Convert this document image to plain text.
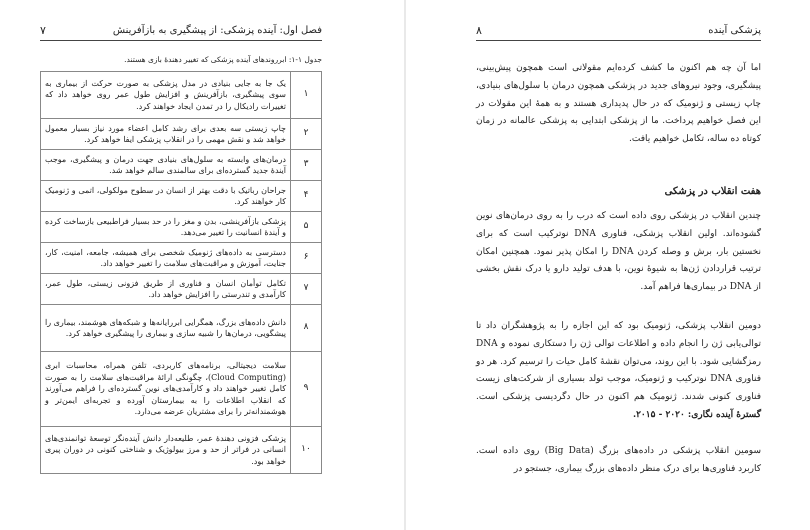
فصل اول: آینده پزشکی: از پیشگیری به بازآفرینش
۷
جدول ۱-۱: ابرروندهای آینده پزشکی که تغییر دهندۀ بازی هستند.
۱	یک جا به جایی بنیادی در مدل پزشکی به صورت حرکت از بیماری به سوی پیشگیری، بازآفرینش و افزایش طول عمر روی خواهد داد که تغییرات رادیکال را در تمدن ایجاد خواهند کرد.
۲	چاپ زیستی سه بعدی برای رشد کامل اعضاء مورد نیاز بسیار معمول خواهد شد و نقش مهمی را در انقلاب پزشکی ایفا خواهد کرد.
۳	درمان‌های وابسته به سلول‌های بنیادی جهت درمان و پیشگیری، موجب آیندۀ جدید گسترده‌ای برای سالمندی سالم خواهد شد.
۴	جراحان رباتیک با دقت بهتر از انسان در سطوح مولکولی، اتمی و ژنومیک کار خواهند کرد.
۵	پزشکی بازآفرینشی، بدن و مغز را در حد بسیار فراطبیعی بازساخت کرده و آیندۀ انسانیت را تغییر می‌دهد.
۶	دسترسی به داده‌های ژنومیک شخصی برای همیشه، جامعه، امنیت، کار، جنایت، آموزش و مراقبت‌های سلامت را تغییر خواهد داد.
۷	تکامل توأمان انسان و فناوری از طریق فزونی زیستی، طول عمر، کارآمدی و تندرستی را افزایش خواهد داد.
۸	دانش داده‌های بزرگ، همگرایی ابررایانه‌ها و شبکه‌های هوشمند، بیماری را پیشگویی، درمان‌ها را شبیه سازی و بیماری را پیشگیری خواهد کرد.
۹	سلامت دیجیتالی، برنامه‌های کاربردی، تلفن همراه، محاسبات ابری (Cloud Computing)، چگونگی ارائۀ مراقبت‌های سلامت را به صورت کامل تغییر خواهند داد و کارآمدی‌های نوین گسترده‌ای را فراهم می‌آورند که انقلاب اطلاعات را به بیمارستان آورده و تجربه‌ای ایمن‌تر و هوشمندانه‌تر را برای مشتریان عرضه می‌دارد.
۱۰	پزشکی فزونی دهندۀ عمر، طلیعه‌دار دانش آینده‌نگر توسعۀ توانمندی‌های انسانی در فراتر از حد و مرز بیولوژیک و شناختی کنونی در دوران پیری خواهد بود.
پزشکی آینده
۸
اما آن چه هم اکنون ما کشف کرده‌ایم مقولاتی است همچون پیش‌بینی، پیشگیری، وجود نیروهای جدید در پزشکی همچون درمان با سلول‌های بنیادی، چاپ زیستی و ژنومیک که در حال پدیداری هستند و به همۀ این مقولات در این فصل خواهیم پرداخت. ما از پزشکی ابتدایی به پزشکی عالمانه در زمان کوتاه ده ساله، تکامل خواهیم یافت.
هفت انقلاب در پزشکی
چندین انقلاب در پزشکی روی داده است که درب را به روی درمان‌های نوین گشوده‌اند. اولین انقلاب پزشکی، فناوری DNA نوترکیب است که برای نخستین بار، برش و وصله کردن DNA را امکان پذیر نمود. همچنین امکان ترتیب قراردادن ژن‌ها به شیوۀ نوین، با هدف تولید دارو یا درک نقش بخشی از DNA در بیماری‌ها فراهم آمد.
دومین انقلاب پزشکی، ژنومیک بود که این اجازه را به پژوهشگران داد تا توالی‌یابی ژن را انجام داده و اطلاعات توالی ژن را دستکاری نموده و DNA رمزگشایی شود. با این روند، می‌توان نقشۀ کامل حیات را ترسیم کرد. هر دو فناوری DNA نوترکیب و ژنومیک، موجب تولد بسیاری از شرکت‌های زیست فناوری کنونی شدند. ژنومیک هم اکنون در حال دگردیسی پزشکی است. گسترۀ آینده نگاری: ۲۰۲۰ - ۲۰۱۵.
سومین انقلاب پزشکی در داده‌های بزرگ (Big Data) روی داده است. کاربرد فناوری‌ها برای درک منظر داده‌های بزرگ بیماری، جستجو در
